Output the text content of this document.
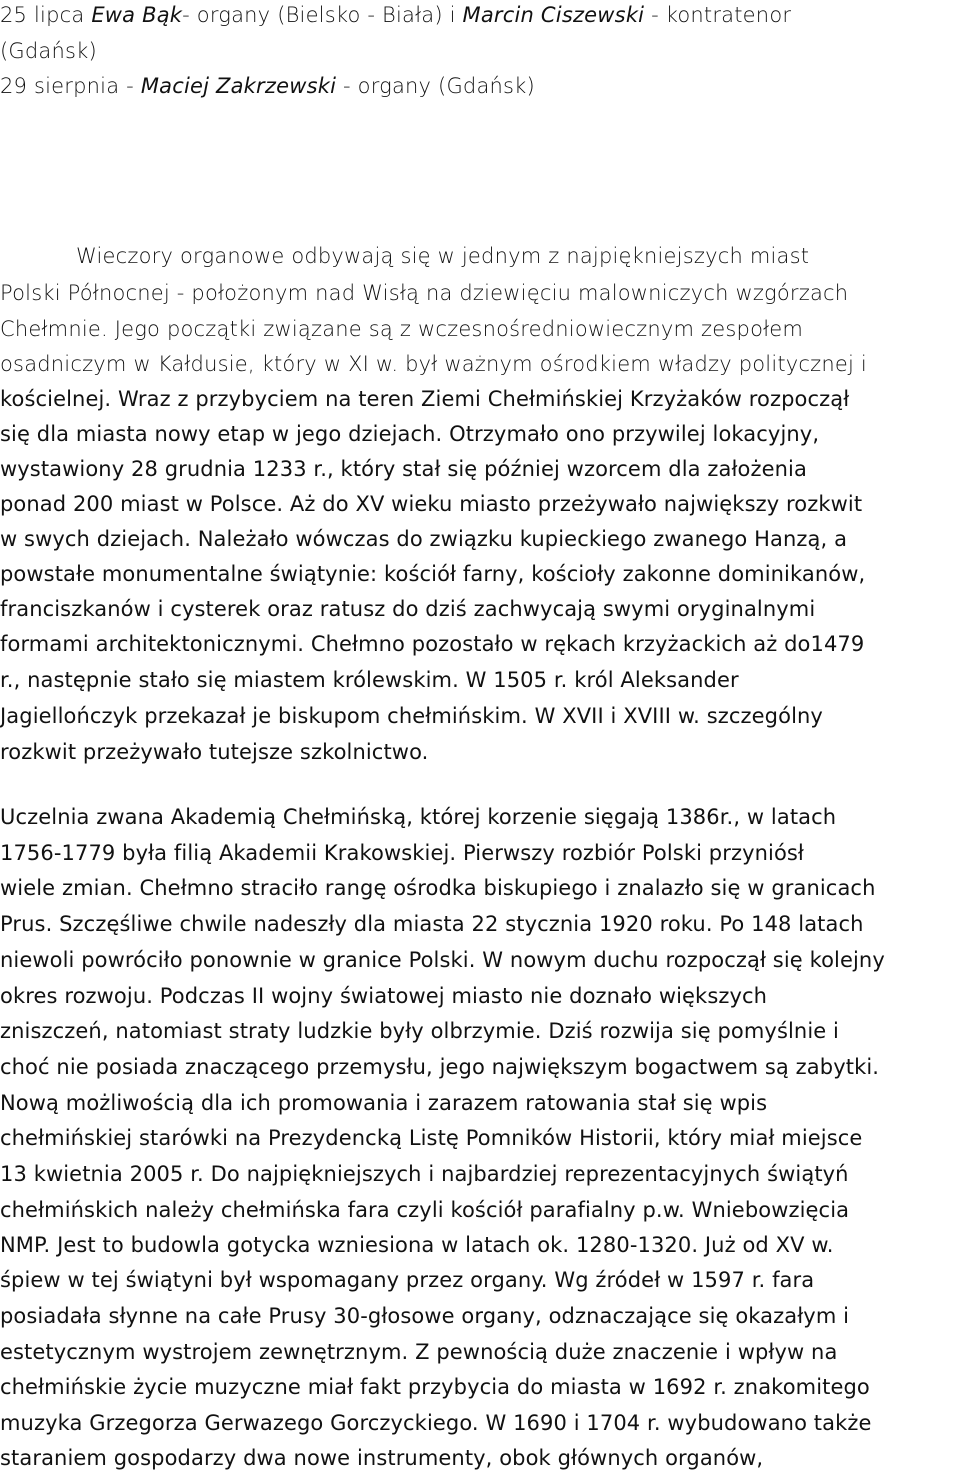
25 lipca Ewa Bąk- organy (Bielsko - Biała) i Marcin Ciszewski - kontratenor
(Gdańsk)
29 sierpnia - Maciej Zakrzewski - organy (Gdańsk)
Wieczory organowe odbywają się w jednym z najpiękniejszych miast
Polski Północnej - położonym nad Wisłą na dziewięciu malowniczych wzgórzach
Chełmnie. Jego początki związane są z wczesnośredniowiecznym zespołem
osadniczym w Kałdusie, który w XI w. był ważnym ośrodkiem władzy politycznej i
kościelnej. Wraz z przybyciem na teren Ziemi Chełmińskiej Krzyżaków rozpoczął
się dla miasta nowy etap w jego dziejach. Otrzymało ono przywilej lokacyjny,
wystawiony 28 grudnia 1233 r., który stał się później wzorcem dla założenia
ponad 200 miast w Polsce. Aż do XV wieku miasto przeżywało największy rozkwit
w swych dziejach. Należało wówczas do związku kupieckiego zwanego Hanzą, a
powstałe monumentalne świątynie: kościół farny, kościoły zakonne dominikanów,
franciszkanów i cysterek oraz ratusz do dziś zachwycają swymi oryginalnymi
formami architektonicznymi. Chełmno pozostało w rękach krzyżackich aż do1479
r., następnie stało się miastem królewskim. W 1505 r. król Aleksander
Jagiellończyk przekazał je biskupom chełmińskim. W XVII i XVIII w. szczególny
rozkwit przeżywało tutejsze szkolnictwo.
Uczelnia zwana Akademią Chełmińską, której korzenie sięgają 1386r., w latach
1756-1779 była filią Akademii Krakowskiej. Pierwszy rozbiór Polski przyniósł
wiele zmian. Chełmno straciło rangę ośrodka biskupiego i znalazło się w granicach
Prus. Szczęśliwe chwile nadeszły dla miasta 22 stycznia 1920 roku. Po 148 latach
niewoli powróciło ponownie w granice Polski. W nowym duchu rozpoczął się kolejny
okres rozwoju. Podczas II wojny światowej miasto nie doznało większych
zniszczeń, natomiast straty ludzkie były olbrzymie. Dziś rozwija się pomyślnie i
choć nie posiada znaczącego przemysłu, jego największym bogactwem są zabytki.
Nową możliwością dla ich promowania i zarazem ratowania stał się wpis
chełmińskiej starówki na Prezydencką Listę Pomników Historii, który miał miejsce
13 kwietnia 2005 r. Do najpiękniejszych i najbardziej reprezentacyjnych świątyń
chełmińskich należy chełmińska fara czyli kościół parafialny p.w. Wniebowzięcia
NMP. Jest to budowla gotycka wzniesiona w latach ok. 1280-1320. Już od XV w.
śpiew w tej świątyni był wspomagany przez organy. Wg źródeł w 1597 r. fara
posiadała słynne na całe Prusy 30-głosowe organy, odznaczające się okazałym i
estetycznym wystrojem zewnętrznym. Z pewnością duże znaczenie i wpływ na
chełmińskie życie muzyczne miał fakt przybycia do miasta w 1692 r. znakomitego
muzyka Grzegorza Gerwazego Gorczyckiego. W 1690 i 1704 r. wybudowano także
staraniem gospodarzy dwa nowe instrumenty, obok głównych organów,
